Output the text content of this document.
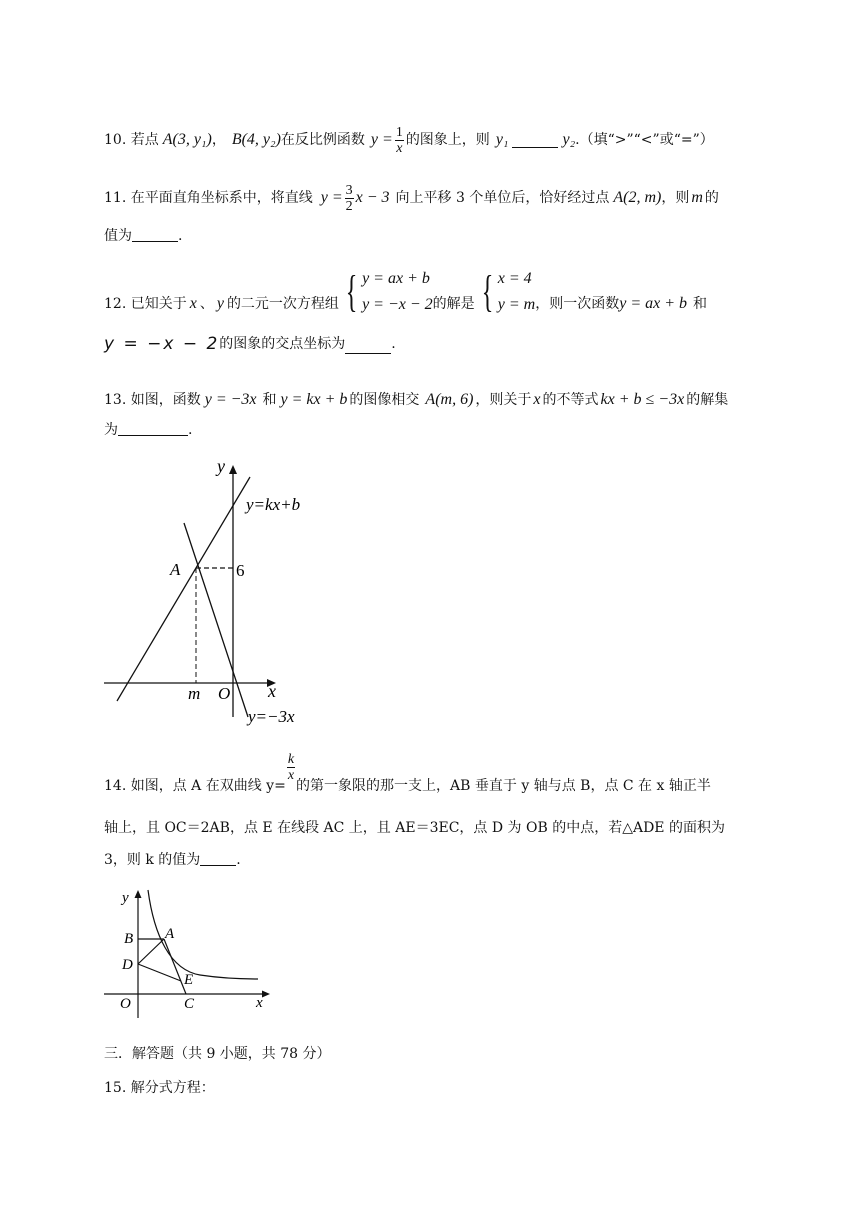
10. 若点 A(3, y₁) ， B(4, y₂) 在反比例函数 $y = \frac{1}{x}$ 的图象上，则 y₁	y₂ .（填“>”“<”或“=”）
11. 在平面直角坐标系中，将直线 $y = \frac{3}{2}$ x − 3 向上平移 3 个单位后，恰好经过点 A(2, m) ，则 m 的
值为	.
12. 已知关于 x 、 y 的二元一次方程组 { y = ax + b
y = −x − 2 的解是 { x = 4
y = m ，则一次函数 y = ax + b 和
y = −x − 2 的图象的交点坐标为	.
13. 如图，函数 y = −3x 和 y = kx + b 的图像相交 A(m, 6) ，则关于 x 的不等式 kx + b ≤ −3x 的解集
为	.
y
x
y=kx+b
y=−3x
A	6
m O
14. 如图，点 A 在双曲线 y=
$\frac{k}{x}$
的第一象限的那一支上，AB 垂直于 y 轴与点 B，点 C 在 x 轴正半
轴上，且 OC＝2AB，点 E 在线段 AC 上，且 AE＝3EC，点 D 为 OB 的中点，若△ADE 的面积为
3，则 k 的值为	.
y
x
A
B
C
D
E
O
三．解答题（共 9 小题，共 78 分）
15. 解分式方程：
